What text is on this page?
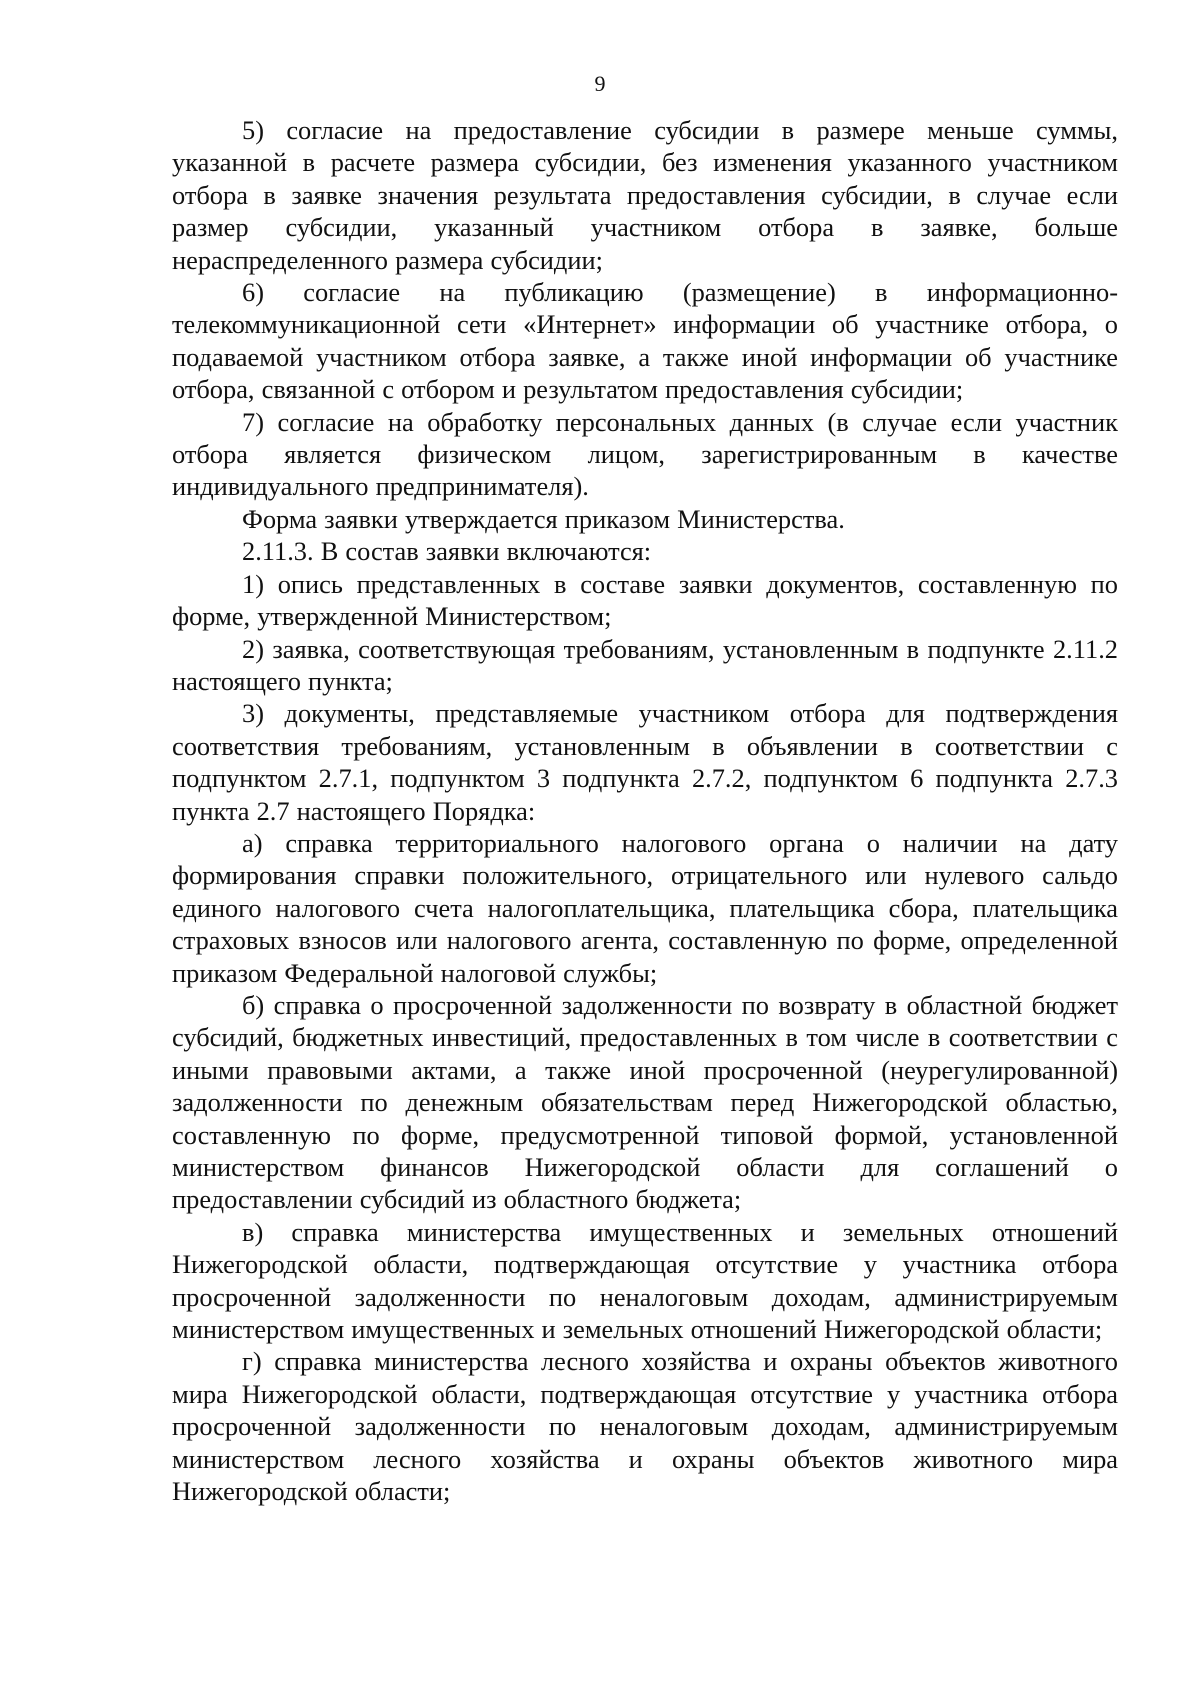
9

5) согласие на предоставление субсидии в размере меньше суммы, указанной в расчете размера субсидии, без изменения указанного участником отбора в заявке значения результата предоставления субсидии, в случае если размер субсидии, указанный участником отбора в заявке, больше нераспределенного размера субсидии;

6) согласие на публикацию (размещение) в информационно-телекоммуникационной сети «Интернет» информации об участнике отбора, о подаваемой участником отбора заявке, а также иной информации об участнике отбора, связанной с отбором и результатом предоставления субсидии;

7) согласие на обработку персональных данных (в случае если участник отбора является физическом лицом, зарегистрированным в качестве индивидуального предпринимателя).

Форма заявки утверждается приказом Министерства.

2.11.3. В состав заявки включаются:

1) опись представленных в составе заявки документов, составленную по форме, утвержденной Министерством;

2) заявка, соответствующая требованиям, установленным в подпункте 2.11.2 настоящего пункта;

3) документы, представляемые участником отбора для подтверждения соответствия требованиям, установленным в объявлении в соответствии с подпунктом 2.7.1, подпунктом 3 подпункта 2.7.2, подпунктом 6 подпункта 2.7.3 пункта 2.7 настоящего Порядка:

а) справка территориального налогового органа о наличии на дату формирования справки положительного, отрицательного или нулевого сальдо единого налогового счета налогоплательщика, плательщика сбора, плательщика страховых взносов или налогового агента, составленную по форме, определенной приказом Федеральной налоговой службы;

б) справка о просроченной задолженности по возврату в областной бюджет субсидий, бюджетных инвестиций, предоставленных в том числе в соответствии с иными правовыми актами, а также иной просроченной (неурегулированной) задолженности по денежным обязательствам перед Нижегородской областью, составленную по форме, предусмотренной типовой формой, установленной министерством финансов Нижегородской области для соглашений о предоставлении субсидий из областного бюджета;

в) справка министерства имущественных и земельных отношений Нижегородской области, подтверждающая отсутствие у участника отбора просроченной задолженности по неналоговым доходам, администрируемым министерством имущественных и земельных отношений Нижегородской области;

г) справка министерства лесного хозяйства и охраны объектов животного мира Нижегородской области, подтверждающая отсутствие у участника отбора просроченной задолженности по неналоговым доходам, администрируемым министерством лесного хозяйства и охраны объектов животного мира Нижегородской области;
